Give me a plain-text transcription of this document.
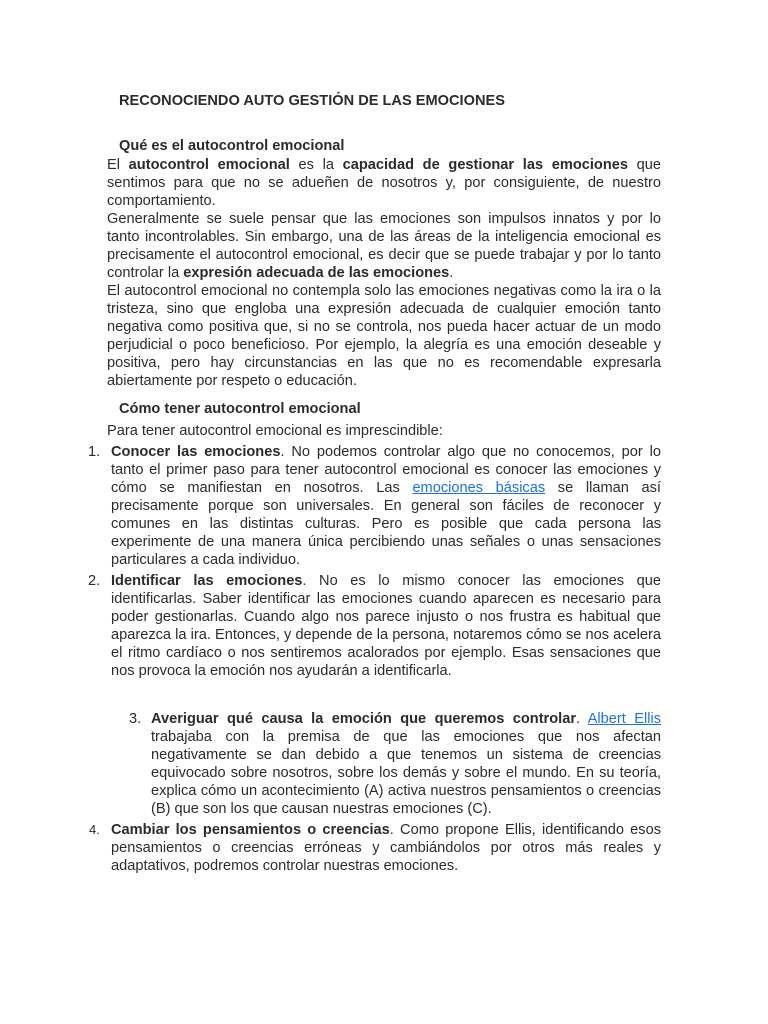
RECONOCIENDO AUTO GESTIÓN DE LAS EMOCIONES
Qué es el autocontrol emocional

El autocontrol emocional es la capacidad de gestionar las emociones que sentimos para que no se adueñen de nosotros y, por consiguiente, de nuestro comportamiento.

Generalmente se suele pensar que las emociones son impulsos innatos y por lo tanto incontrolables. Sin embargo, una de las áreas de la inteligencia emocional es precisamente el autocontrol emocional, es decir que se puede trabajar y por lo tanto controlar la expresión adecuada de las emociones.

El autocontrol emocional no contempla solo las emociones negativas como la ira o la tristeza, sino que engloba una expresión adecuada de cualquier emoción tanto negativa como positiva que, si no se controla, nos pueda hacer actuar de un modo perjudicial o poco beneficioso. Por ejemplo, la alegría es una emoción deseable y positiva, pero hay circunstancias en las que no es recomendable expresarla abiertamente por respeto o educación.

Cómo tener autocontrol emocional
Para tener autocontrol emocional es imprescindible:
1. Conocer las emociones. No podemos controlar algo que no conocemos, por lo tanto el primer paso para tener autocontrol emocional es conocer las emociones y cómo se manifiestan en nosotros. Las emociones básicas se llaman así precisamente porque son universales. En general son fáciles de reconocer y comunes en las distintas culturas. Pero es posible que cada persona las experimente de una manera única percibiendo unas señales o unas sensaciones particulares a cada individuo.
2. Identificar las emociones. No es lo mismo conocer las emociones que identificarlas. Saber identificar las emociones cuando aparecen es necesario para poder gestionarlas. Cuando algo nos parece injusto o nos frustra es habitual que aparezca la ira. Entonces, y depende de la persona, notaremos cómo se nos acelera el ritmo cardíaco o nos sentiremos acalorados por ejemplo. Esas sensaciones que nos provoca la emoción nos ayudarán a identificarla.
3. Averiguar qué causa la emoción que queremos controlar. Albert Ellis trabajaba con la premisa de que las emociones que nos afectan negativamente se dan debido a que tenemos un sistema de creencias equivocado sobre nosotros, sobre los demás y sobre el mundo. En su teoría, explica cómo un acontecimiento (A) activa nuestros pensamientos o creencias (B) que son los que causan nuestras emociones (C).
4. Cambiar los pensamientos o creencias. Como propone Ellis, identificando esos pensamientos o creencias erróneas y cambiándolos por otros más reales y adaptativos, podremos controlar nuestras emociones.
